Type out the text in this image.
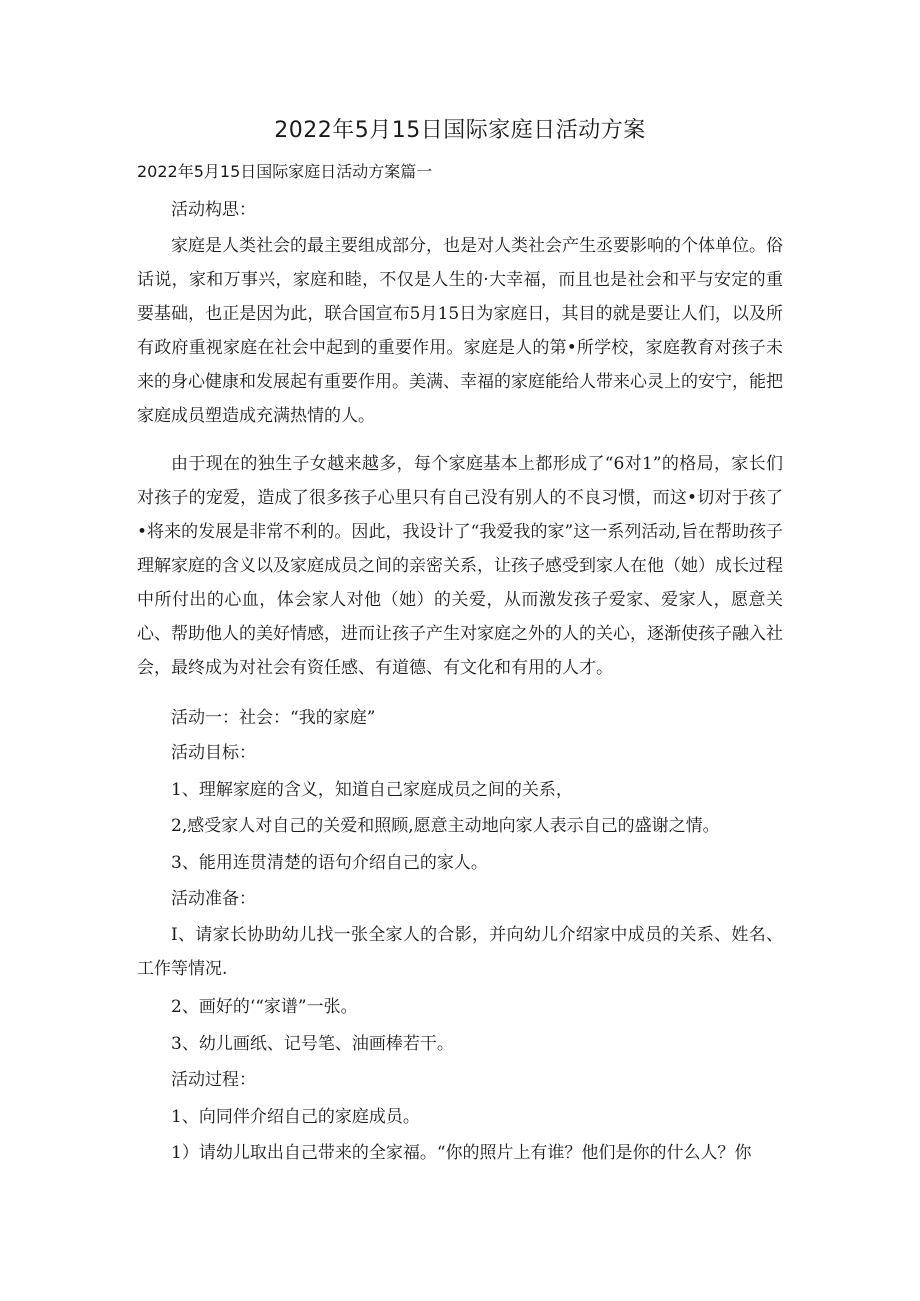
2022年5月15日国际家庭日活动方案
2022年5月15日国际家庭日活动方案篇一
活动构思：
家庭是人类社会的最主要组成部分，也是对人类社会产生丞要影响的个体单位。俗话说，家和万事兴，家庭和睦，不仅是人生的·大幸福，而且也是社会和平与安定的重要基础，也正是因为此，联合国宣布5月15日为家庭日，其目的就是要让人们，以及所有政府重视家庭在社会中起到的重要作用。家庭是人的第•所学校，家庭教育对孩子未来的身心健康和发展起有重要作用。美满、幸福的家庭能给人带来心灵上的安宁，能把家庭成员塑造成充满热情的人。
由于现在的独生子女越来越多，每个家庭基本上都形成了“6对1”的格局，家长们对孩子的宠爱，造成了很多孩子心里只有自己没有别人的不良习惯，而这•切对于孩了•将来的发展是非常不利的。因此，我设计了“我爱我的家”这一系列活动,旨在帮助孩子理解家庭的含义以及家庭成员之间的亲密关系，让孩子感受到家人在他（她）成长过程中所付出的心血，体会家人对他（她）的关爱，从而激发孩子爱家、爱家人，愿意关心、帮助他人的美好情感，进而让孩子产生对家庭之外的人的关心，逐渐使孩子融入社会，最终成为对社会有资任感、有道德、有文化和有用的人才。
活动一：社会：“我的家庭”
活动目标：
1、理解家庭的含义，知道自己家庭成员之间的关系，
2,感受家人对自己的关爱和照顾,愿意主动地向家人表示自己的盛谢之情。
3、能用连贯清楚的语句介绍自己的家人。
活动准备：
I、请家长协助幼儿找一张全家人的合影，并向幼儿介绍家中成员的关系、姓名、工作等情况.
2、画好的‘“家谱”一张。
3、幼儿画纸、记号笔、油画棒若干。
活动过程：
1、向同伴介绍自己的家庭成员。
1）请幼儿取出自己带来的全家福。“你的照片上有谁？他们是你的什么人？你
